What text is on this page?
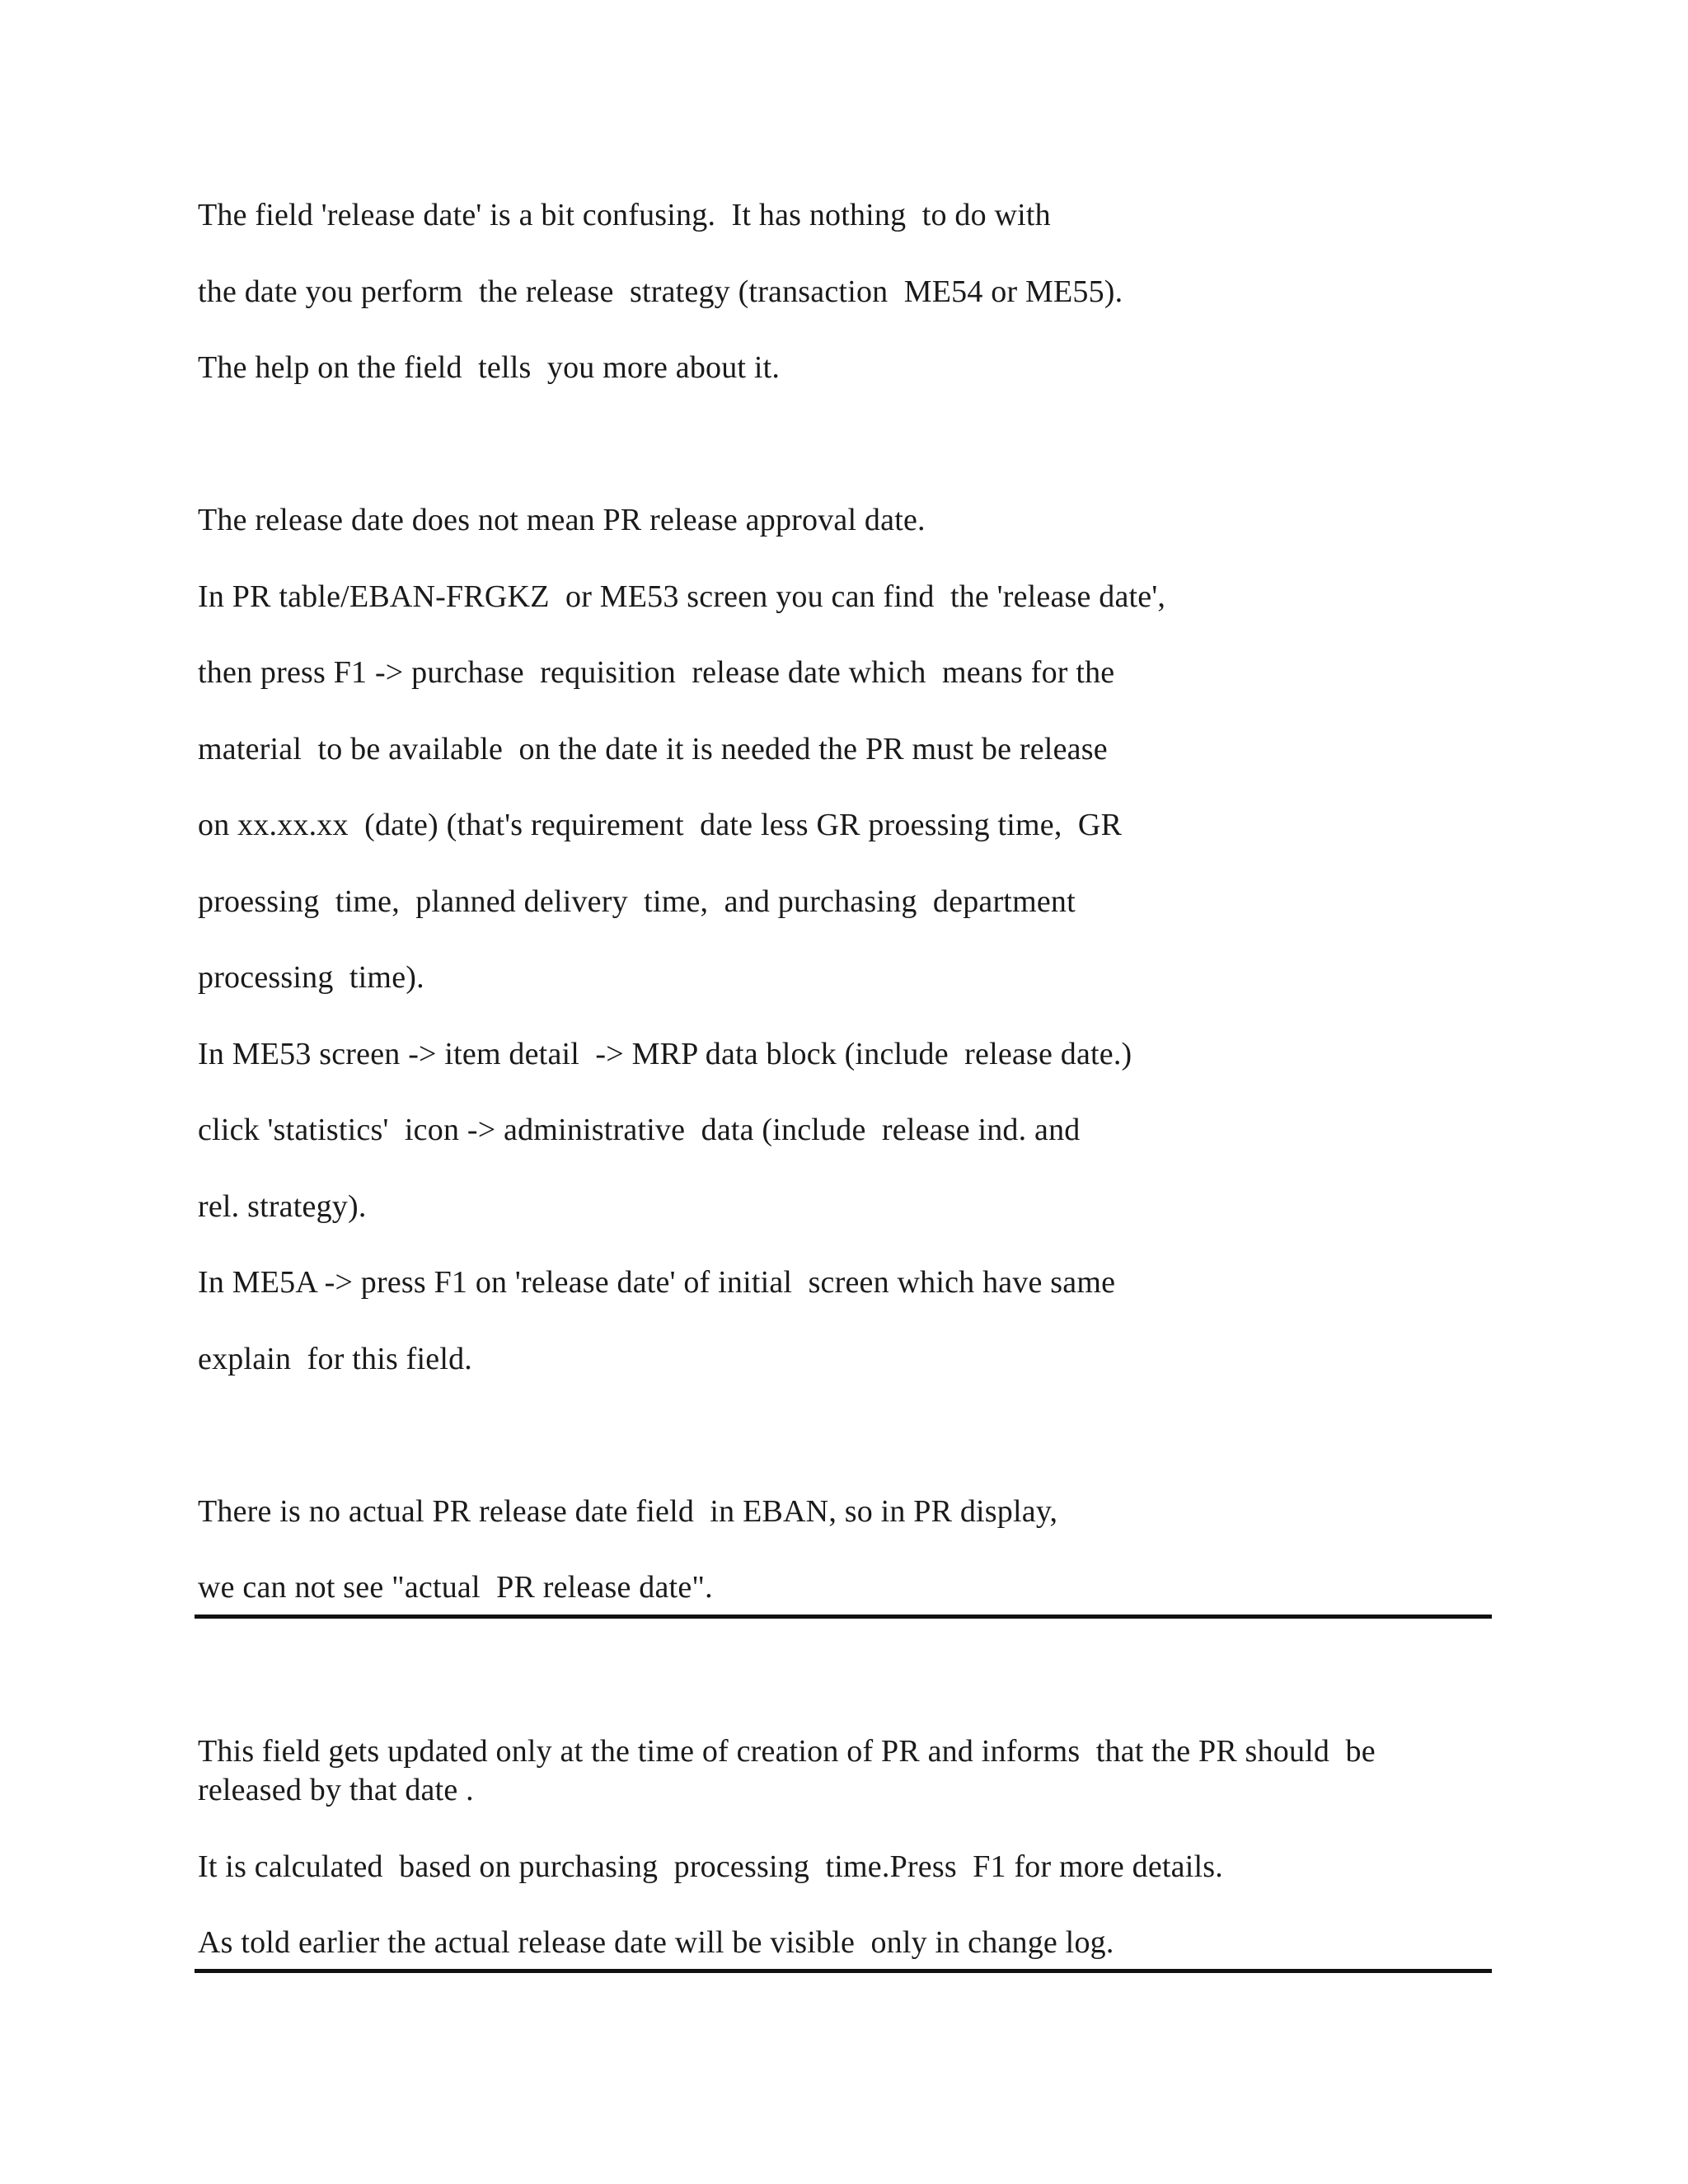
The field 'release date' is a bit confusing.  It has nothing  to do with
the date you perform  the release  strategy (transaction  ME54 or ME55).
The help on the field  tells  you more about it.
The release date does not mean PR release approval date.
In PR table/EBAN-FRGKZ  or ME53 screen you can find  the 'release date',
then press F1 -> purchase  requisition  release date which  means for the
material  to be available  on the date it is needed the PR must be release
on xx.xx.xx  (date) (that's requirement  date less GR proessing time,  GR
proessing  time,  planned delivery  time,  and purchasing  department
processing  time).
In ME53 screen -> item detail  -> MRP data block (include  release date.)
click 'statistics'  icon -> administrative  data (include  release ind. and
rel. strategy).
In ME5A -> press F1 on 'release date' of initial  screen which have same
explain  for this field.
There is no actual PR release date field  in EBAN, so in PR display,
we can not see "actual  PR release date".
This field gets updated only at the time of creation of PR and informs  that the PR should  be
released by that date .
It is calculated  based on purchasing  processing  time.Press  F1 for more details.
As told earlier the actual release date will be visible  only in change log.
